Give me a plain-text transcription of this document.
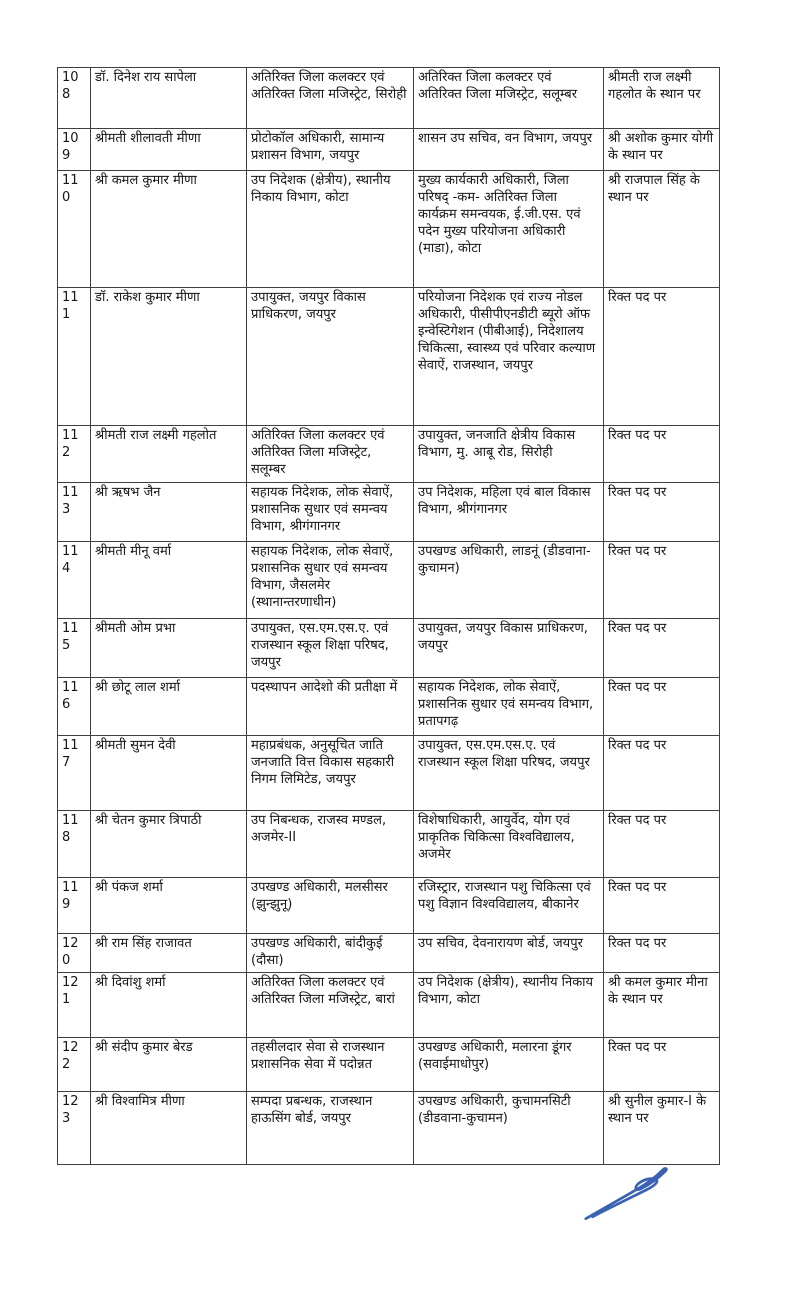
108	डॉ. दिनेश राय सापेला	अतिरिक्त जिला कलक्टर एवं अतिरिक्त जिला मजिस्ट्रेट, सिरोही	अतिरिक्त जिला कलक्टर एवं अतिरिक्त जिला मजिस्ट्रेट, सलूम्बर	श्रीमती राज लक्ष्मी गहलोत के स्थान पर
109	श्रीमती शीलावती मीणा	प्रोटोकॉल अधिकारी, सामान्य प्रशासन विभाग, जयपुर	शासन उप सचिव, वन विभाग, जयपुर	श्री अशोक कुमार योगी के स्थान पर
110	श्री कमल कुमार मीणा	उप निदेशक (क्षेत्रीय), स्थानीय निकाय विभाग, कोटा	मुख्य कार्यकारी अधिकारी, जिला परिषद् -कम- अतिरिक्त जिला कार्यक्रम समन्वयक, ई.जी.एस. एवं पदेन मुख्य परियोजना अधिकारी (माडा), कोटा	श्री राजपाल सिंह के स्थान पर
111	डॉ. राकेश कुमार मीणा	उपायुक्त, जयपुर विकास प्राधिकरण, जयपुर	परियोजना निदेशक एवं राज्य नोडल अधिकारी, पीसीपीएनडीटी ब्यूरो ऑफ इन्वेस्टिगेशन (पीबीआई), निदेशालय चिकित्सा, स्वास्थ्य एवं परिवार कल्याण सेवाऐं, राजस्थान, जयपुर	रिक्त पद पर
112	श्रीमती राज लक्ष्मी गहलोत	अतिरिक्त जिला कलक्टर एवं अतिरिक्त जिला मजिस्ट्रेट, सलूम्बर	उपायुक्त, जनजाति क्षेत्रीय विकास विभाग, मु. आबू रोड, सिरोही	रिक्त पद पर
113	श्री ऋषभ जैन	सहायक निदेशक, लोक सेवाऐं, प्रशासनिक सुधार एवं समन्वय विभाग, श्रीगंगानगर	उप निदेशक, महिला एवं बाल विकास विभाग, श्रीगंगानगर	रिक्त पद पर
114	श्रीमती मीनू वर्मा	सहायक निदेशक, लोक सेवाऐं, प्रशासनिक सुधार एवं समन्वय विभाग, जैसलमेर (स्थानान्तरणाधीन)	उपखण्ड अधिकारी, लाडनूं (डीडवाना-कुचामन)	रिक्त पद पर
115	श्रीमती ओम प्रभा	उपायुक्त, एस.एम.एस.ए. एवं राजस्थान स्कूल शिक्षा परिषद, जयपुर	उपायुक्त, जयपुर विकास प्राधिकरण, जयपुर	रिक्त पद पर
116	श्री छोटू लाल शर्मा	पदस्थापन आदेशो की प्रतीक्षा में	सहायक निदेशक, लोक सेवाऐं, प्रशासनिक सुधार एवं समन्वय विभाग, प्रतापगढ़	रिक्त पद पर
117	श्रीमती सुमन देवी	महाप्रबंधक, अनुसूचित जाति जनजाति वित्त विकास सहकारी निगम लिमिटेड, जयपुर	उपायुक्त, एस.एम.एस.ए. एवं राजस्थान स्कूल शिक्षा परिषद, जयपुर	रिक्त पद पर
118	श्री चेतन कुमार त्रिपाठी	उप निबन्धक, राजस्व मण्डल, अजमेर-II	विशेषाधिकारी, आयुर्वेद, योग एवं प्राकृतिक चिकित्सा विश्वविद्यालय, अजमेर	रिक्त पद पर
119	श्री पंकज शर्मा	उपखण्ड अधिकारी, मलसीसर (झुन्झुनू)	रजिस्ट्रार, राजस्थान पशु चिकित्सा एवं पशु विज्ञान विश्वविद्यालय, बीकानेर	रिक्त पद पर
120	श्री राम सिंह राजावत	उपखण्ड अधिकारी, बांदीकुई (दौसा)	उप सचिव, देवनारायण बोर्ड, जयपुर	रिक्त पद पर
121	श्री दिवांशु शर्मा	अतिरिक्त जिला कलक्टर एवं अतिरिक्त जिला मजिस्ट्रेट, बारां	उप निदेशक (क्षेत्रीय), स्थानीय निकाय विभाग, कोटा	श्री कमल कुमार मीना के स्थान पर
122	श्री संदीप कुमार बेरड	तहसीलदार सेवा से राजस्थान प्रशासनिक सेवा में पदोन्नत	उपखण्ड अधिकारी, मलारना डूंगर (सवाईमाधोपुर)	रिक्त पद पर
123	श्री विश्वामित्र मीणा	सम्पदा प्रबन्धक, राजस्थान हाऊसिंग बोर्ड, जयपुर	उपखण्ड अधिकारी, कुचामनसिटी (डीडवाना-कुचामन)	श्री सुनील कुमार-I के स्थान पर
